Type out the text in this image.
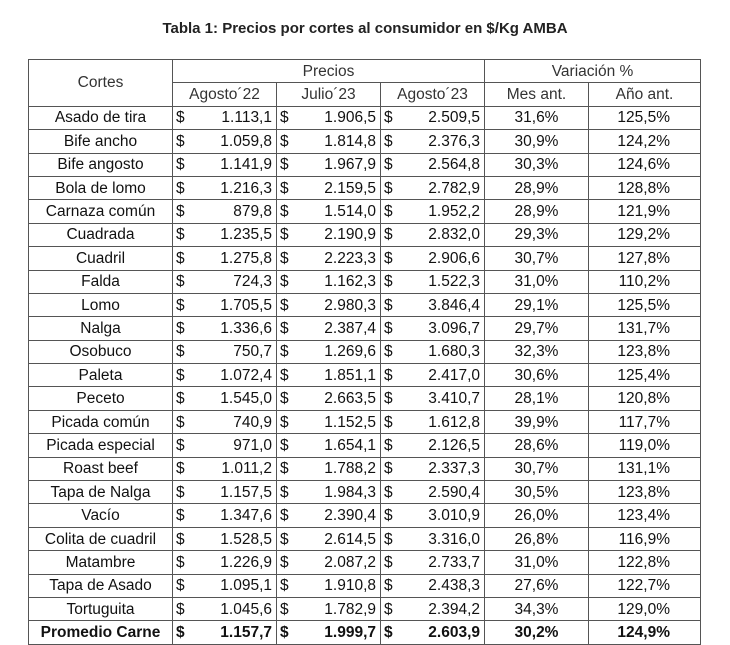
Tabla 1: Precios por cortes al consumidor en $/Kg AMBA
Cortes	Precios			Variación %	
	Agosto´22	Julio´23	Agosto´23	Mes ant.	Año ant.
Asado de tira	$ 1.113,1	$ 1.906,5	$ 2.509,5	31,6%	125,5%
Bife ancho	$ 1.059,8	$ 1.814,8	$ 2.376,3	30,9%	124,2%
Bife angosto	$ 1.141,9	$ 1.967,9	$ 2.564,8	30,3%	124,6%
Bola de lomo	$ 1.216,3	$ 2.159,5	$ 2.782,9	28,9%	128,8%
Carnaza común	$ 879,8	$ 1.514,0	$ 1.952,2	28,9%	121,9%
Cuadrada	$ 1.235,5	$ 2.190,9	$ 2.832,0	29,3%	129,2%
Cuadril	$ 1.275,8	$ 2.223,3	$ 2.906,6	30,7%	127,8%
Falda	$ 724,3	$ 1.162,3	$ 1.522,3	31,0%	110,2%
Lomo	$ 1.705,5	$ 2.980,3	$ 3.846,4	29,1%	125,5%
Nalga	$ 1.336,6	$ 2.387,4	$ 3.096,7	29,7%	131,7%
Osobuco	$ 750,7	$ 1.269,6	$ 1.680,3	32,3%	123,8%
Paleta	$ 1.072,4	$ 1.851,1	$ 2.417,0	30,6%	125,4%
Peceto	$ 1.545,0	$ 2.663,5	$ 3.410,7	28,1%	120,8%
Picada común	$ 740,9	$ 1.152,5	$ 1.612,8	39,9%	117,7%
Picada especial	$ 971,0	$ 1.654,1	$ 2.126,5	28,6%	119,0%
Roast beef	$ 1.011,2	$ 1.788,2	$ 2.337,3	30,7%	131,1%
Tapa de Nalga	$ 1.157,5	$ 1.984,3	$ 2.590,4	30,5%	123,8%
Vacío	$ 1.347,6	$ 2.390,4	$ 3.010,9	26,0%	123,4%
Colita de cuadril	$ 1.528,5	$ 2.614,5	$ 3.316,0	26,8%	116,9%
Matambre	$ 1.226,9	$ 2.087,2	$ 2.733,7	31,0%	122,8%
Tapa de Asado	$ 1.095,1	$ 1.910,8	$ 2.438,3	27,6%	122,7%
Tortuguita	$ 1.045,6	$ 1.782,9	$ 2.394,2	34,3%	129,0%
Promedio Carne	$ 1.157,7	$ 1.999,7	$ 2.603,9	30,2%	124,9%
